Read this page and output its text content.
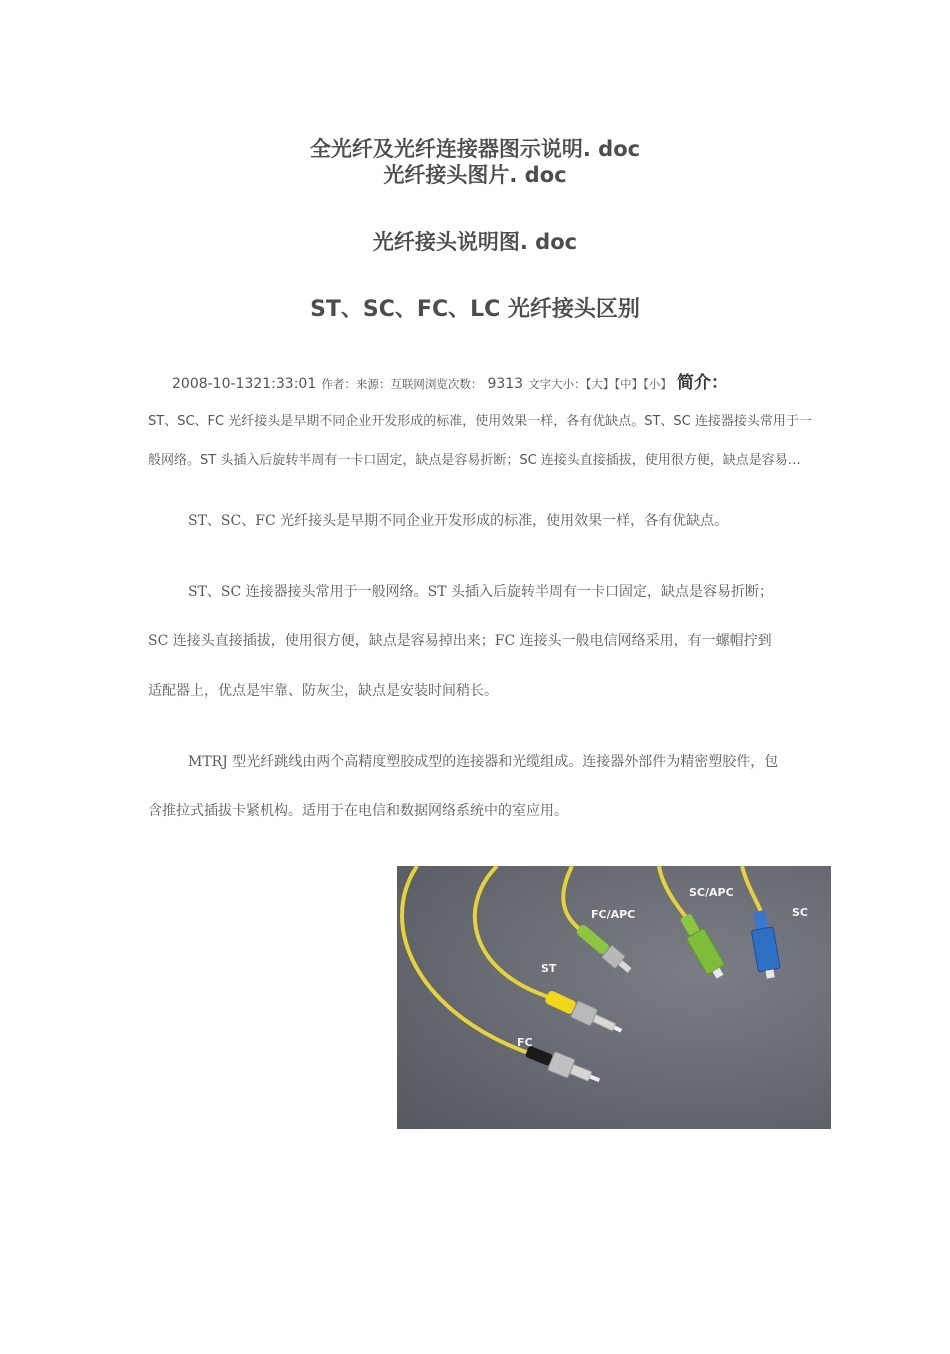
全光纤及光纤连接器图示说明. doc
光纤接头图片. doc
光纤接头说明图. doc
ST、SC、FC、LC 光纤接头区别
2008-10-1321:33:01 作者：来源：互联网浏览次数： 9313 文字大小：【大】【中】【小】 简介：
ST、SC、FC 光纤接头是早期不同企业开发形成的标准，使用效果一样，各有优缺点。ST、SC 连接器接头常用于一
般网络。ST 头插入后旋转半周有一卡口固定，缺点是容易折断；SC 连接头直接插拔，使用很方便，缺点是容易…
ST、SC、FC 光纤接头是早期不同企业开发形成的标准，使用效果一样，各有优缺点。
ST、SC 连接器接头常用于一般网络。ST 头插入后旋转半周有一卡口固定，缺点是容易折断；
SC 连接头直接插拔，使用很方便，缺点是容易掉出来；FC 连接头一般电信网络采用，有一螺帽拧到
适配器上，优点是牢靠、防灰尘，缺点是安装时间稍长。
MTRJ 型光纤跳线由两个高精度塑胶成型的连接器和光缆组成。连接器外部件为精密塑胶件，包
含推拉式插拔卡紧机构。适用于在电信和数据网络系统中的室应用。
FC
ST
FC/APC
SC/APC
SC
